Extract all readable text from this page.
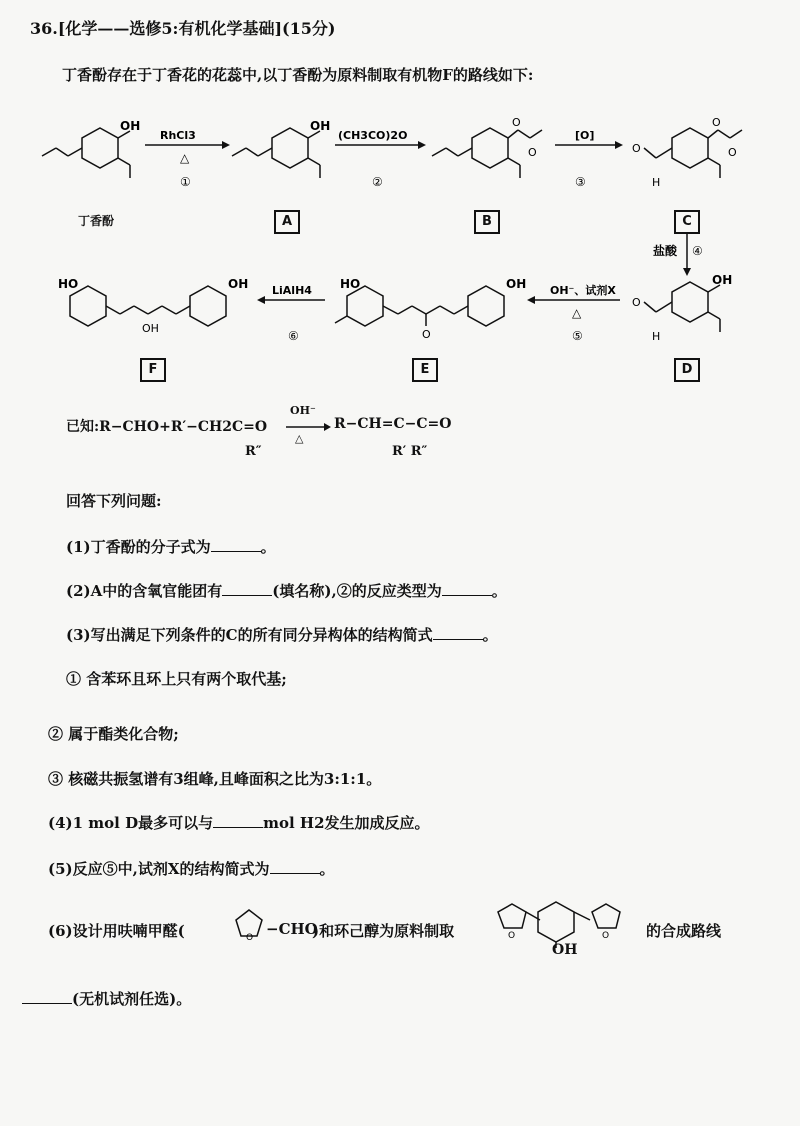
36.[化学——选修5:有机化学基础](15分)
丁香酚存在于丁香花的花蕊中,以丁香酚为原料制取有机物F的路线如下:
OH
RhCl3
△
①
OH
(CH3CO)2O
②
O
O
[O]
③
O
H
O
O
盐酸 ④
OH
O
H
OH⁻、试剂X
△
⑤
HO	OH
O
LiAlH4
⑥
HO	OH
OH
丁香酚	A	B	C
D
E
F
已知:R−CHO+R′−CH2C=O
R″
OH⁻
△
R−CH=C−C=O
R′ R″
回答下列问题:
(1)丁香酚的分子式为	。
(2)A中的含氧官能团有	(填名称),②的反应类型为	。
(3)写出满足下列条件的C的所有同分异构体的结构简式	。
① 含苯环且环上只有两个取代基;
② 属于酯类化合物;
③ 核磁共振氢谱有3组峰,且峰面积之比为3:1:1。
(4)1 mol D最多可以与	mol H2发生加成反应。
(5)反应⑤中,试剂X的结构简式为	。
(6)设计用呋喃甲醛(	O −CHO
)和环己醇为原料制取	O	O
OH
的合成路线
(无机试剂任选)。
